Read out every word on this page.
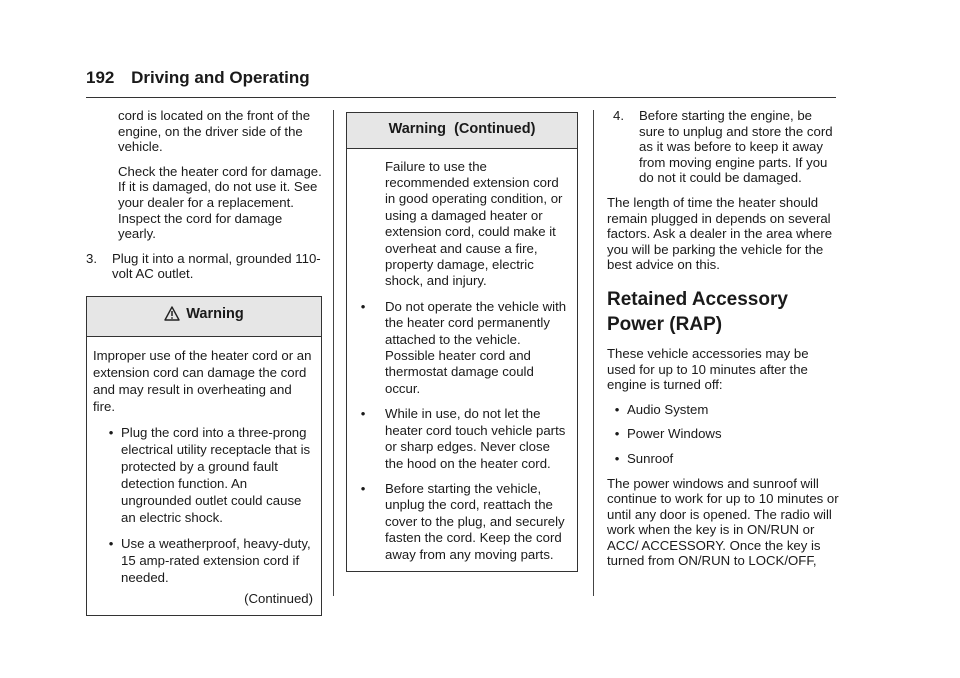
192 Driving and Operating

cord is located on the front of the engine, on the driver side of the vehicle.

Check the heater cord for damage. If it is damaged, do not use it. See your dealer for a replacement. Inspect the cord for damage yearly.

3.	Plug it into a normal, grounded 110-volt AC outlet.
Warning

Improper use of the heater cord or an extension cord can damage the cord and may result in overheating and fire.

• Plug the cord into a three-prong electrical utility receptacle that is protected by a ground fault detection function. An ungrounded outlet could cause an electric shock.
• Use a weatherproof, heavy-duty, 15 amp-rated extension cord if needed.

(Continued)

Warning  (Continued)

Failure to use the recommended extension cord in good operating condition, or using a damaged heater or extension cord, could make it overheat and cause a fire, property damage, electric shock, and injury.

•	Do not operate the vehicle with the heater cord permanently attached to the vehicle. Possible heater cord and thermostat damage could occur.
•	While in use, do not let the heater cord touch vehicle parts or sharp edges. Never close the hood on the heater cord.
•	Before starting the vehicle, unplug the cord, reattach the cover to the plug, and securely fasten the cord. Keep the cord away from any moving parts.
4.	Before starting the engine, be sure to unplug and store the cord as it was before to keep it away from moving engine parts. If you do not it could be damaged.

The length of time the heater should remain plugged in depends on several factors. Ask a dealer in the area where you will be parking the vehicle for the best advice on this.

Retained Accessory Power (RAP)

These vehicle accessories may be used for up to 10 minutes after the engine is turned off:

• Audio System
• Power Windows
• Sunroof

The power windows and sunroof will continue to work for up to 10 minutes or until any door is opened. The radio will work when the key is in ON/RUN or ACC/ ACCESSORY. Once the key is turned from ON/RUN to LOCK/OFF,
